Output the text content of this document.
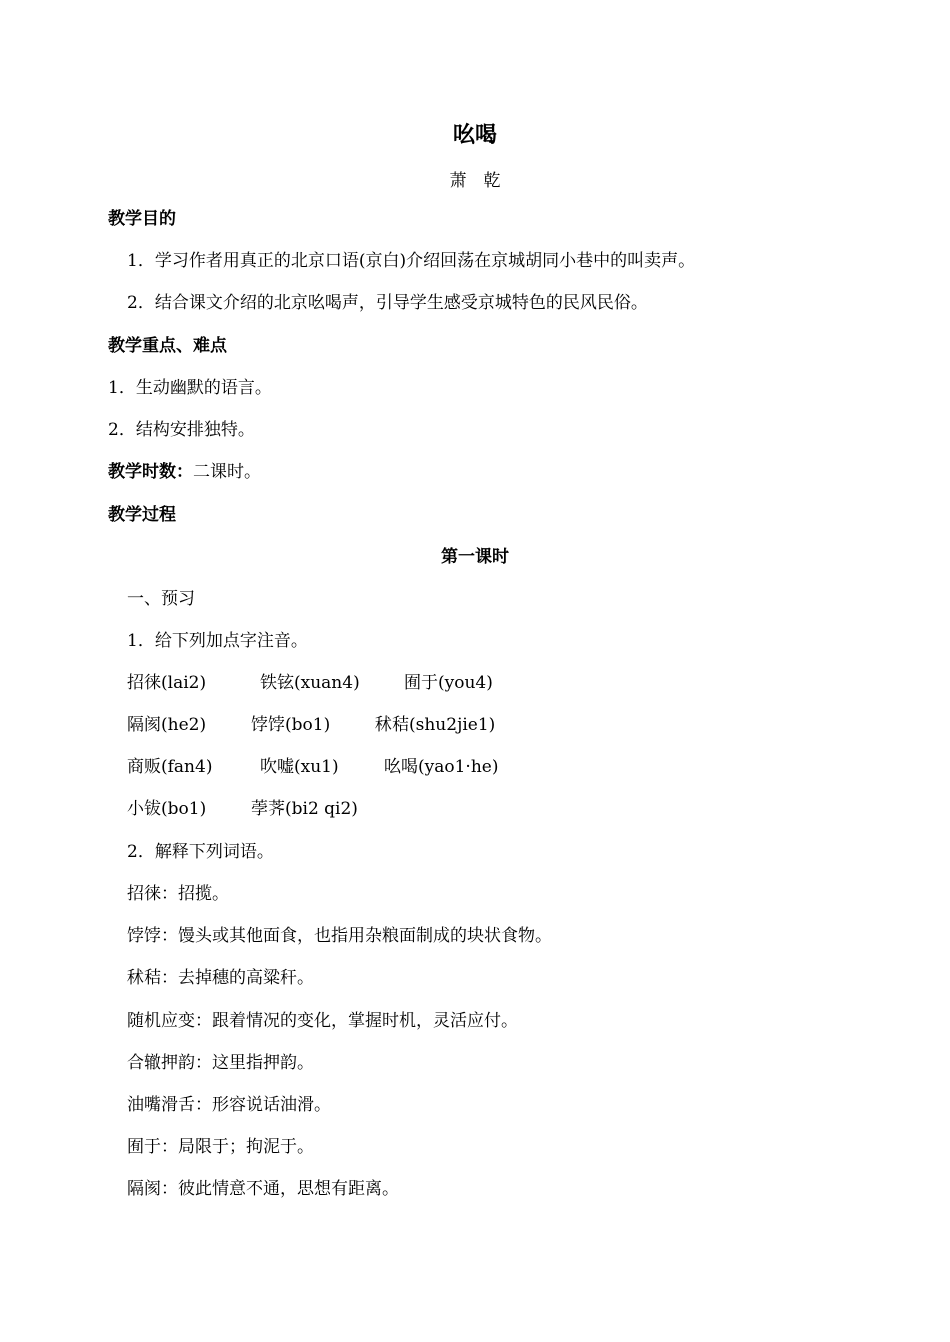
吆喝
萧　乾
教学目的
1．学习作者用真正的北京口语(京白)介绍回荡在京城胡同小巷中的叫卖声。
2．结合课文介绍的北京吆喝声，引导学生感受京城特色的民风民俗。
教学重点、难点
1．生动幽默的语言。
2．结构安排独特。
教学时数：二课时。
教学过程
第一课时
一、预习
1．给下列加点字注音。
招徕(lai2)	铁铉(xuan4)	囿于(you4)
隔阂(he2)	饽饽(bo1)	秫秸(shu2jie1)
商贩(fan4)	吹嘘(xu1)	吆喝(yao1·he)
小钹(bo1)	荸荠(bi2 qi2)
2．解释下列词语。
招徕：招揽。
饽饽：馒头或其他面食，也指用杂粮面制成的块状食物。
秫秸：去掉穗的高粱秆。
随机应变：跟着情况的变化，掌握时机，灵活应付。
合辙押韵：这里指押韵。
油嘴滑舌：形容说话油滑。
囿于：局限于；拘泥于。
隔阂：彼此情意不通，思想有距离。
